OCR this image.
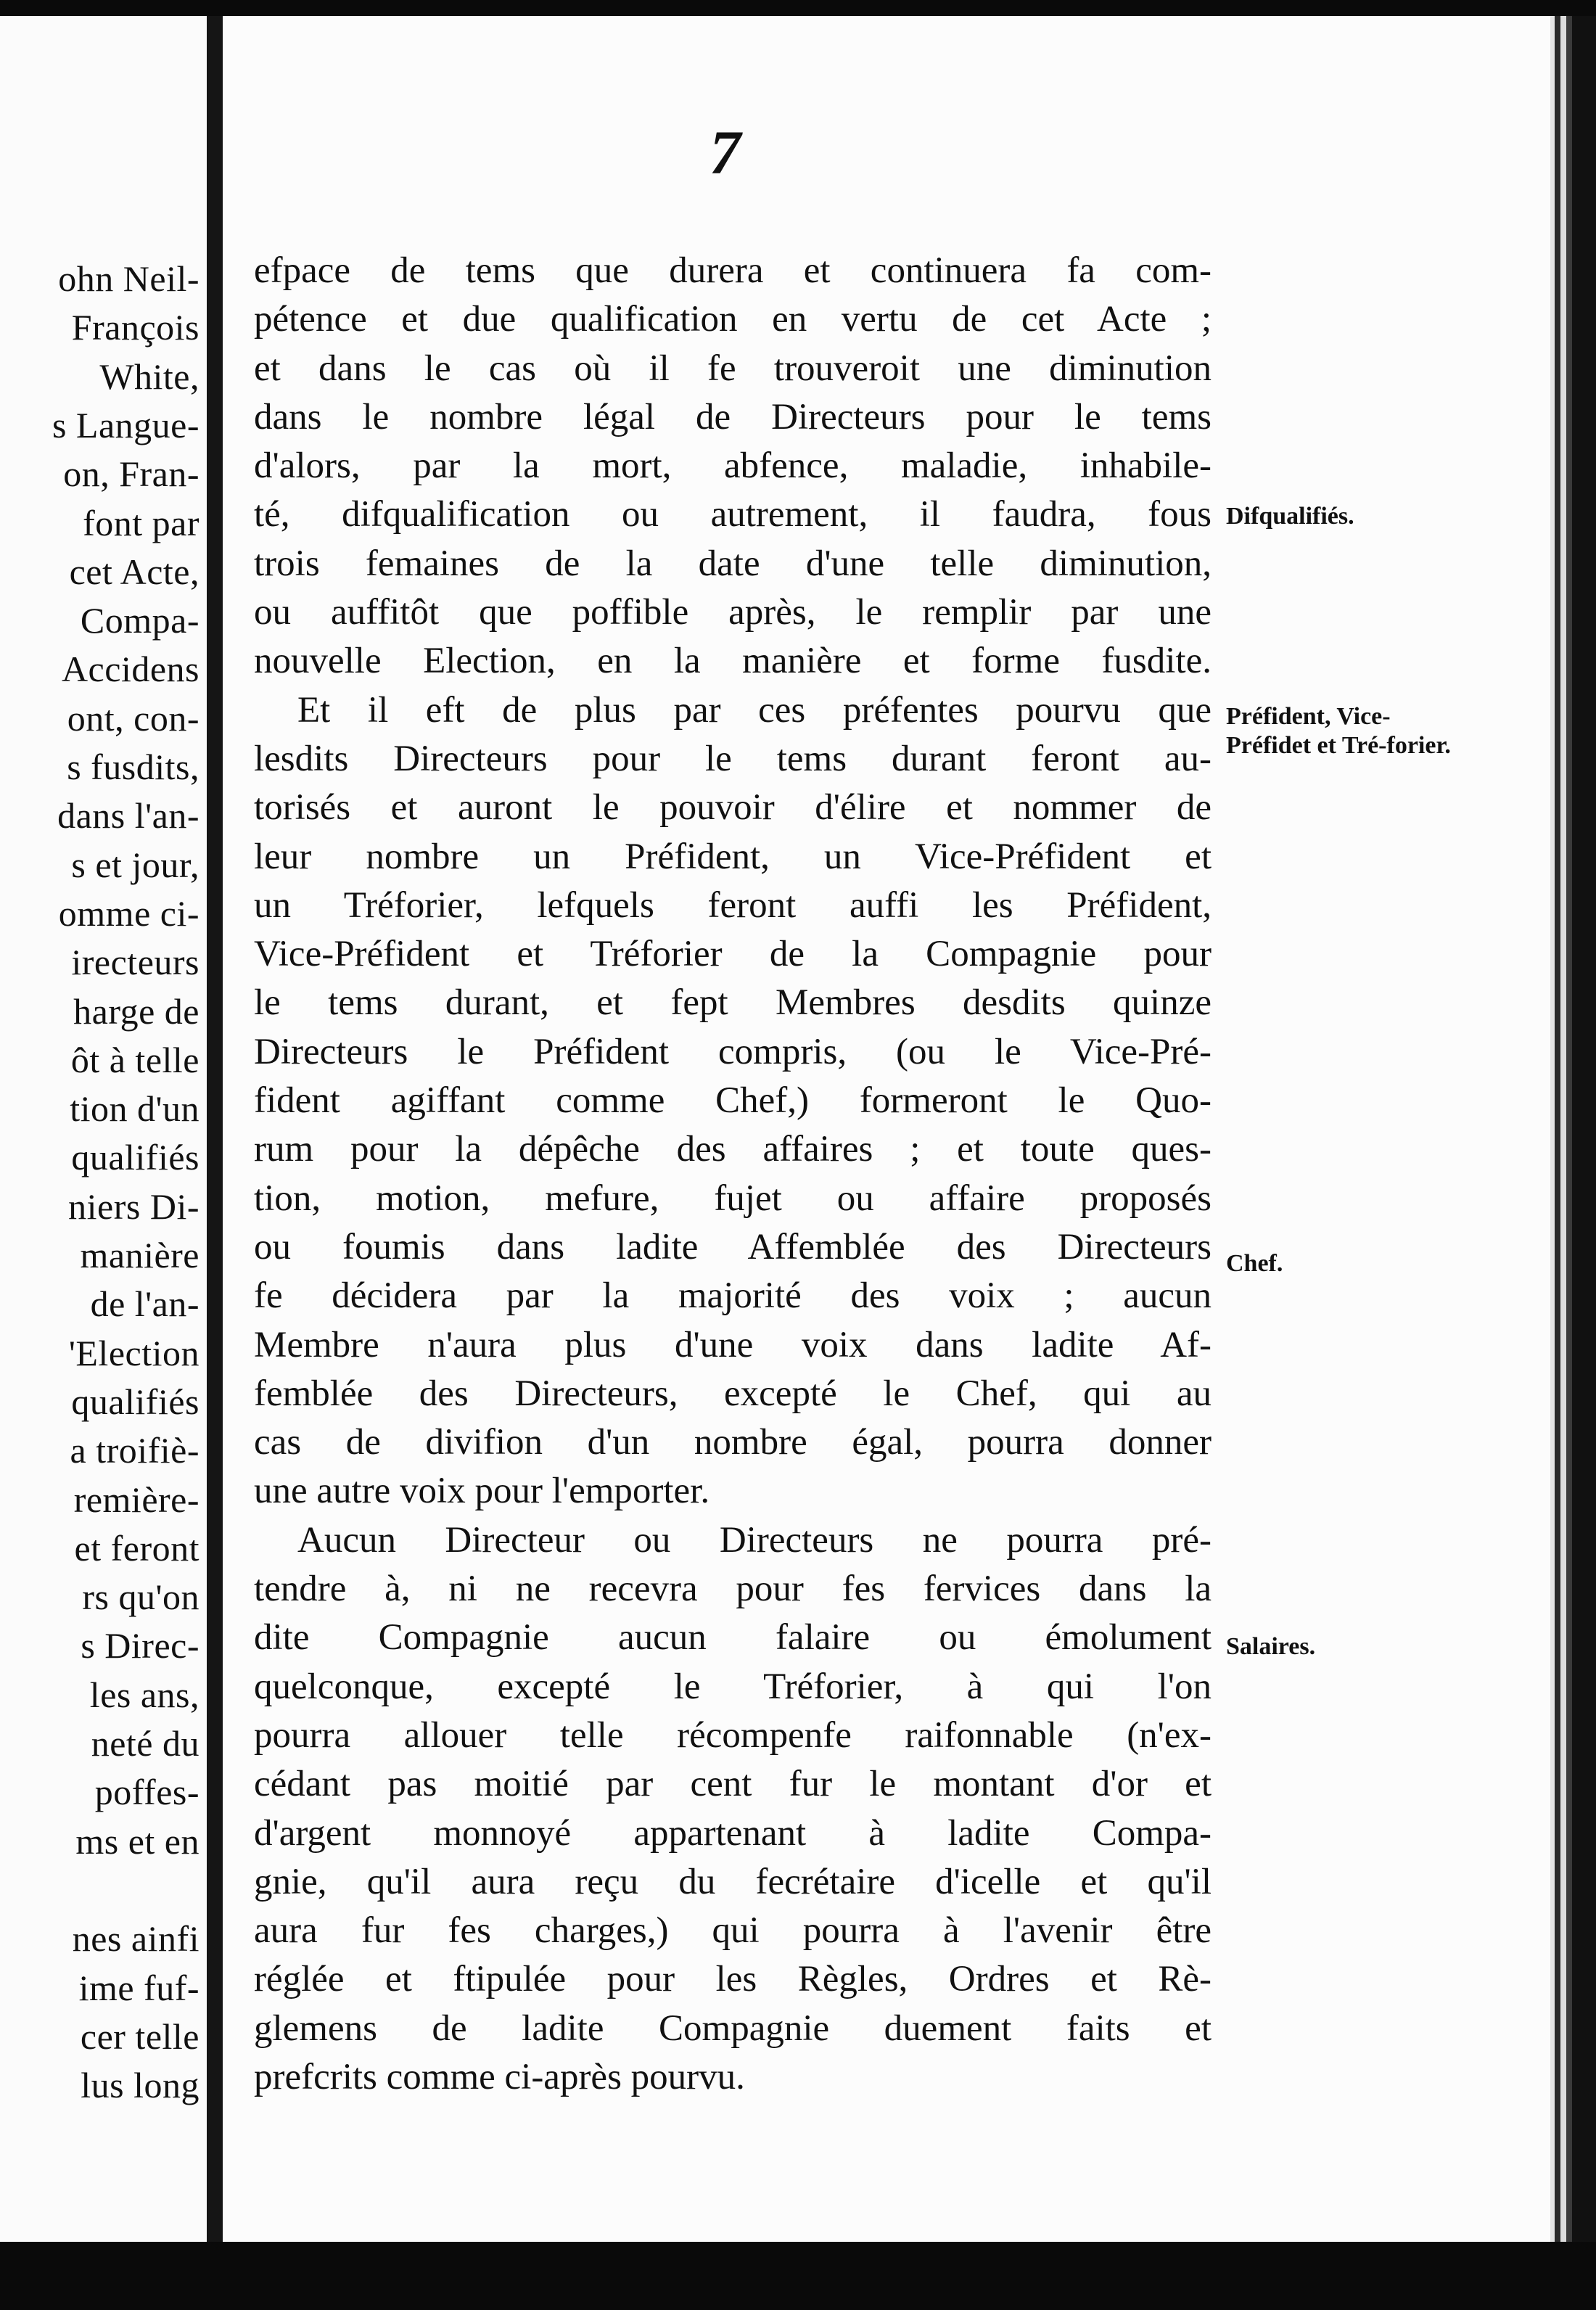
ohn Neil-
François
White,
s Langue-
on, Fran-
font par
cet Acte,
Compa-
Accidens
ont, con-
s fusdits,
dans l'an-
s et jour,
omme ci-
irecteurs
harge de
ôt à telle
tion d'un
qualifiés
niers Di-
manière
de l'an-
'Election
qualifiés
a troifiè-
remière-
et feront
rs qu'on
s Direc-
les ans,
neté du
poffes-
ms et en
nes ainfi
ime fuf-
cer telle
lus long
7
efpace de tems que durera et continuera fa com-
pétence et due qualification en vertu de cet Acte ;
et dans le cas où il fe trouveroit une diminution
dans le nombre légal de Directeurs pour le tems
d'alors, par la mort, abfence, maladie, inhabile-
té, difqualification ou autrement, il faudra, fous
trois femaines de la date d'une telle diminution,
ou auffitôt que poffible après, le remplir par une
nouvelle Election, en la manière et forme fusdite.
Et il eft de plus par ces préfentes pourvu que
lesdits Directeurs pour le tems durant feront au-
torisés et auront le pouvoir d'élire et nommer de
leur nombre un Préfident, un Vice-Préfident et
un Tréforier, lefquels feront auffi les Préfident,
Vice-Préfident et Tréforier de la Compagnie pour
le tems durant, et fept Membres desdits quinze
Directeurs le Préfident compris, (ou le Vice-Pré-
fident agiffant comme Chef,) formeront le Quo-
rum pour la dépêche des affaires ; et toute ques-
tion, motion, mefure, fujet ou affaire proposés
ou foumis dans ladite Affemblée des Directeurs
fe décidera par la majorité des voix ; aucun
Membre n'aura plus d'une voix dans ladite Af-
femblée des Directeurs, excepté le Chef, qui au
cas de divifion d'un nombre égal, pourra donner
une autre voix pour l'emporter.
Aucun Directeur ou Directeurs ne pourra pré-
tendre à, ni ne recevra pour fes fervices dans la
dite Compagnie aucun falaire ou émolument
quelconque, excepté le Tréforier, à qui l'on
pourra allouer telle récompenfe raifonnable (n'ex-
cédant pas moitié par cent fur le montant d'or et
d'argent monnoyé appartenant à ladite Compa-
gnie, qu'il aura reçu du fecrétaire d'icelle et qu'il
aura fur fes charges,) qui pourra à l'avenir être
réglée et ftipulée pour les Règles, Ordres et Rè-
glemens de ladite Compagnie duement faits et
prefcrits comme ci-après pourvu.
Difqualifiés.
Préfident, Vice-Préfidet et Tré-forier.
Chef.
Salaires.
